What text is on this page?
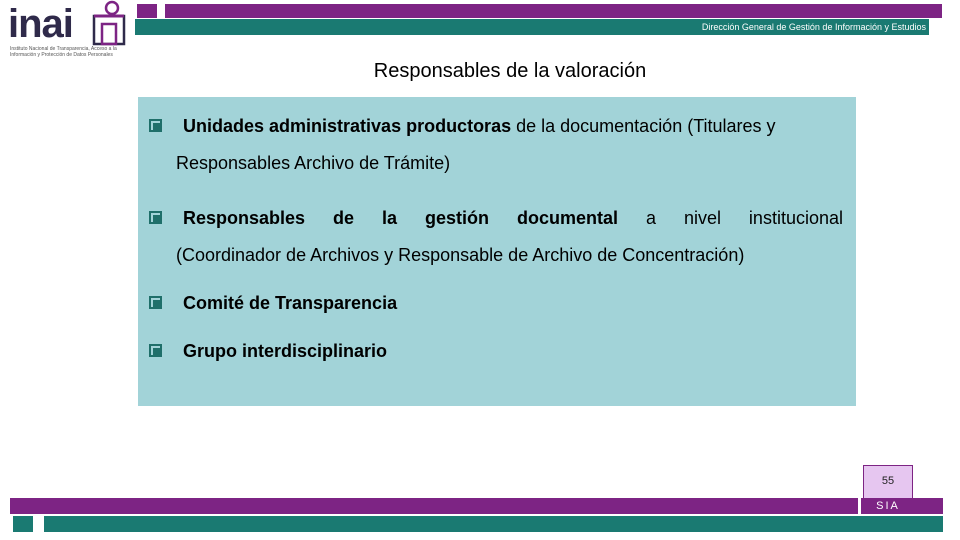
inai
Instituto Nacional de Transparencia, Acceso a la Información y Protección de Datos Personales
Dirección General de Gestión de Información y Estudios
Responsables de la valoración
Unidades administrativas productoras de la documentación (Titulares y
Responsables Archivo de Trámite)
Responsables de la gestión documental a nivel institucional
(Coordinador de Archivos y Responsable de Archivo de Concentración)
Comité de Transparencia
Grupo interdisciplinario
55
SIA
